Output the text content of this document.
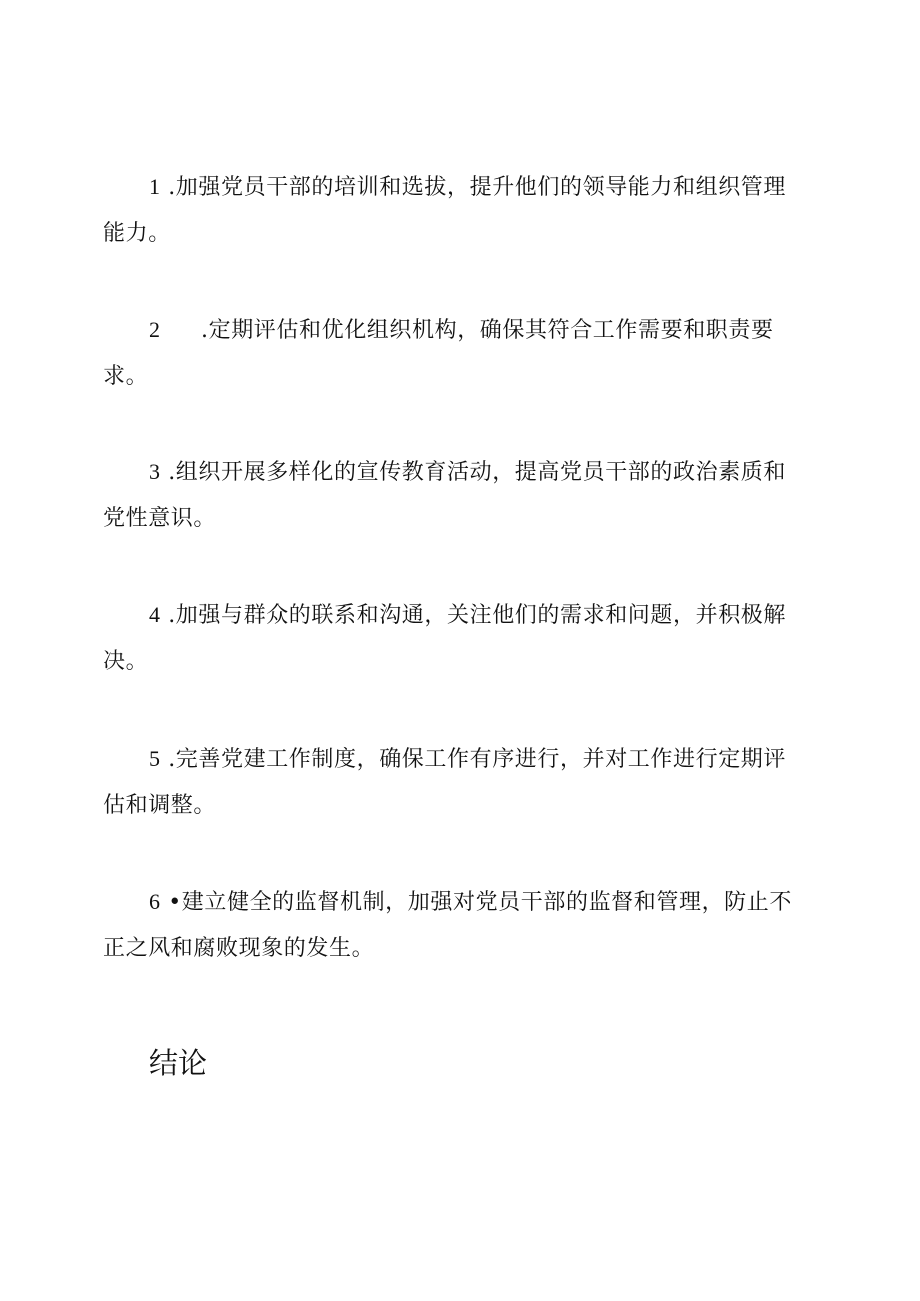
1 .加强党员干部的培训和选拔，提升他们的领导能力和组织管理
能力。

2 .定期评估和优化组织机构，确保其符合工作需要和职责要
求。

3 .组织开展多样化的宣传教育活动，提高党员干部的政治素质和
党性意识。

4 .加强与群众的联系和沟通，关注他们的需求和问题，并积极解
决。

5 .完善党建工作制度，确保工作有序进行，并对工作进行定期评
估和调整。

6 •建立健全的监督机制，加强对党员干部的监督和管理，防止不
正之风和腐败现象的发生。

结论
